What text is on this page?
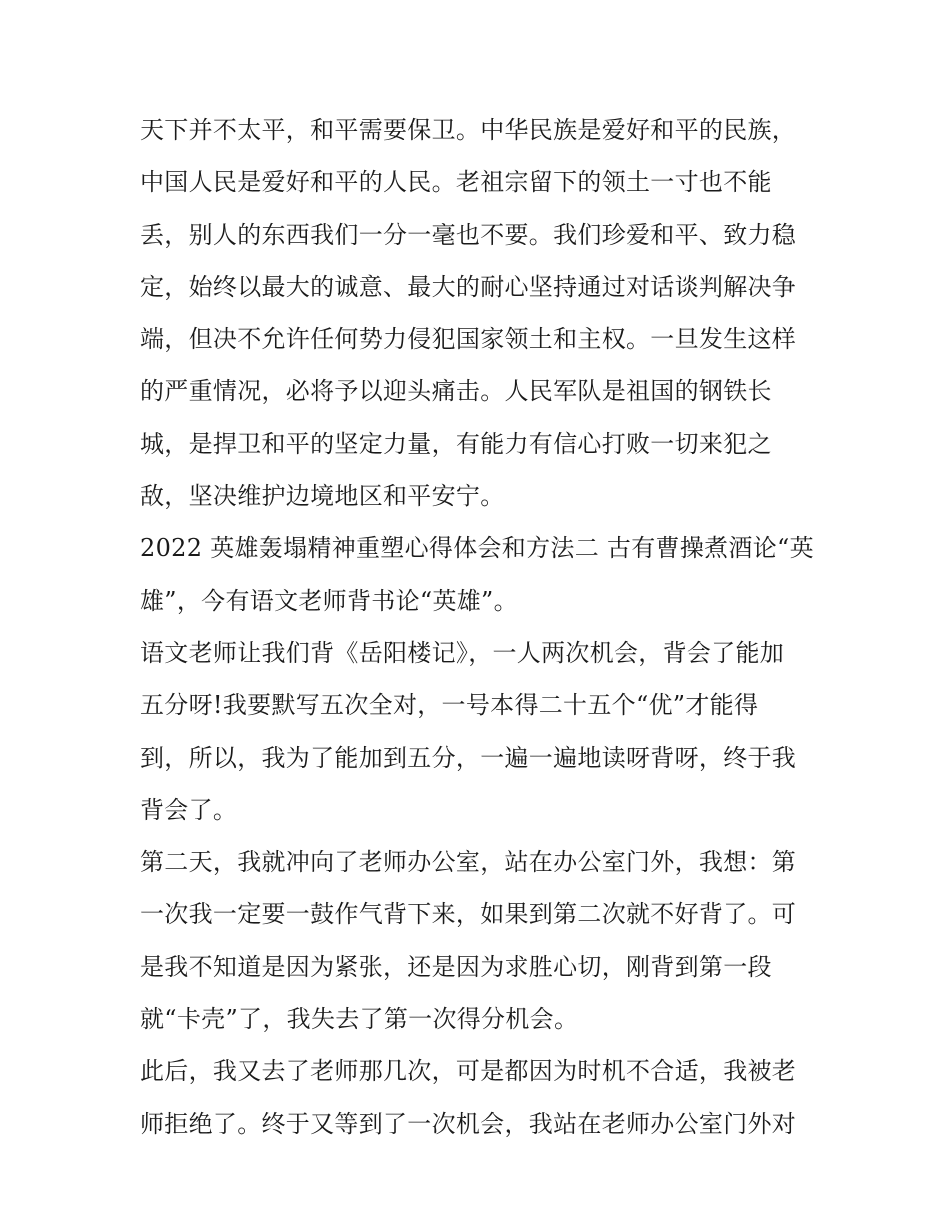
天下并不太平，和平需要保卫。中华民族是爱好和平的民族，
中国人民是爱好和平的人民。老祖宗留下的领土一寸也不能
丢，别人的东西我们一分一毫也不要。我们珍爱和平、致力稳
定，始终以最大的诚意、最大的耐心坚持通过对话谈判解决争
端，但决不允许任何势力侵犯国家领土和主权。一旦发生这样
的严重情况，必将予以迎头痛击。人民军队是祖国的钢铁长
城，是捍卫和平的坚定力量，有能力有信心打败一切来犯之
敌，坚决维护边境地区和平安宁。
2022 英雄轰塌精神重塑心得体会和方法二 古有曹操煮酒论“英
雄”，今有语文老师背书论“英雄”。
语文老师让我们背《岳阳楼记》，一人两次机会，背会了能加
五分呀!我要默写五次全对，一号本得二十五个“优”才能得
到，所以，我为了能加到五分，一遍一遍地读呀背呀，终于我
背会了。
第二天，我就冲向了老师办公室，站在办公室门外，我想：第
一次我一定要一鼓作气背下来，如果到第二次就不好背了。可
是我不知道是因为紧张，还是因为求胜心切，刚背到第一段
就“卡壳”了，我失去了第一次得分机会。
此后，我又去了老师那几次，可是都因为时机不合适，我被老
师拒绝了。终于又等到了一次机会，我站在老师办公室门外对
